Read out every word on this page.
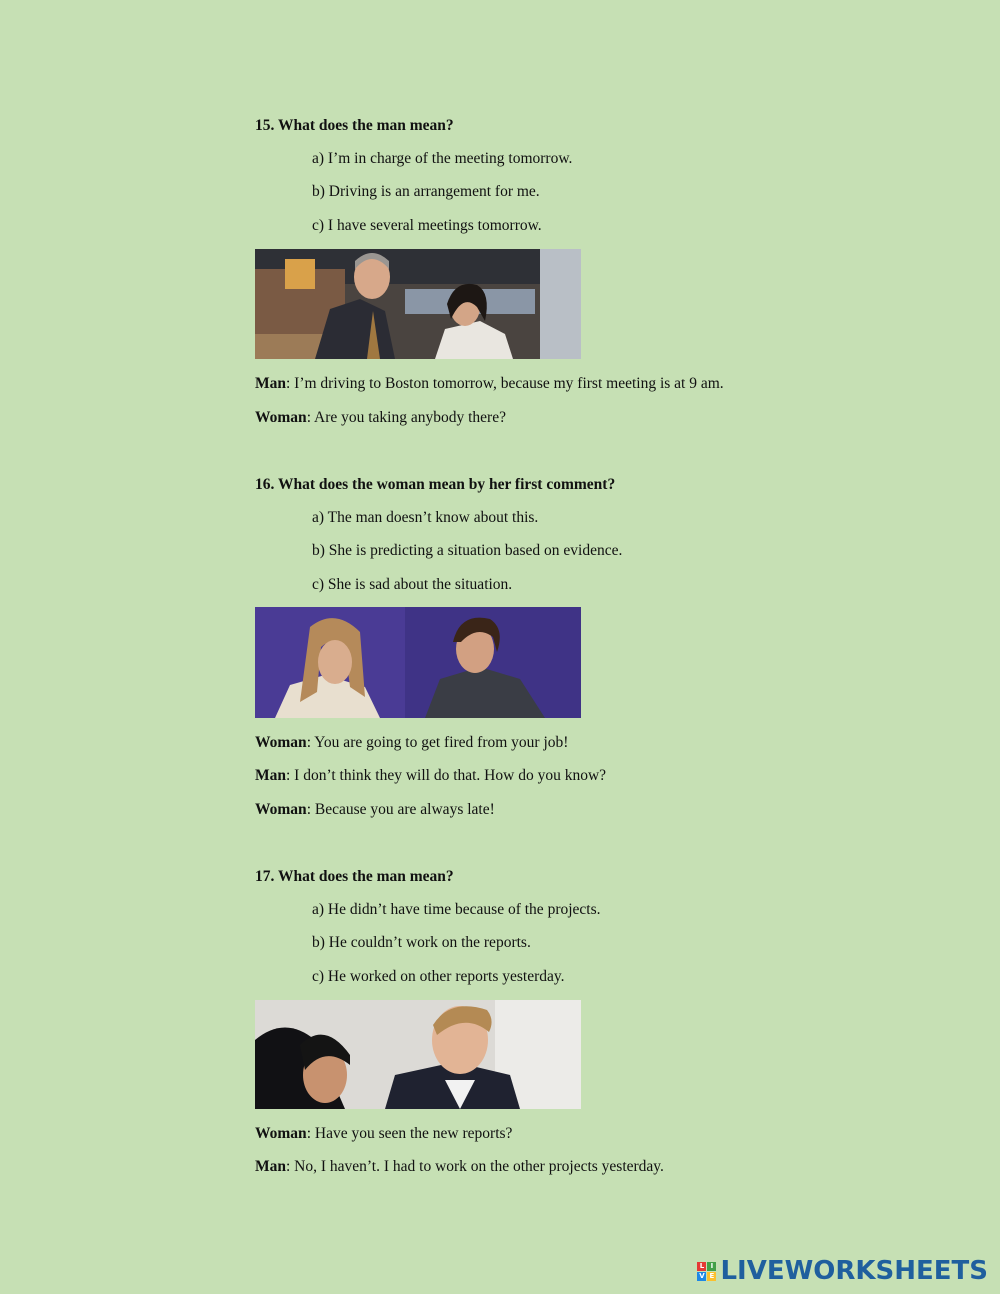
15. What does the man mean?
a) I’m in charge of the meeting tomorrow.
b) Driving is an arrangement for me.
c) I have several meetings tomorrow.
Man: I’m driving to Boston tomorrow, because my first meeting is at 9 am.
Woman: Are you taking anybody there?
16. What does the woman mean by her first comment?
a) The man doesn’t know about this.
b) She is predicting a situation based on evidence.
c) She is sad about the situation.
Woman: You are going to get fired from your job!
Man: I don’t think they will do that. How do you know?
Woman: Because you are always late!
17. What does the man mean?
a) He didn’t have time because of the projects.
b) He couldn’t work on the reports.
c) He worked on other reports yesterday.
Woman: Have you seen the new reports?
Man: No, I haven’t. I had to work on the other projects yesterday.
L I
V E LIVEWORKSHEETS
